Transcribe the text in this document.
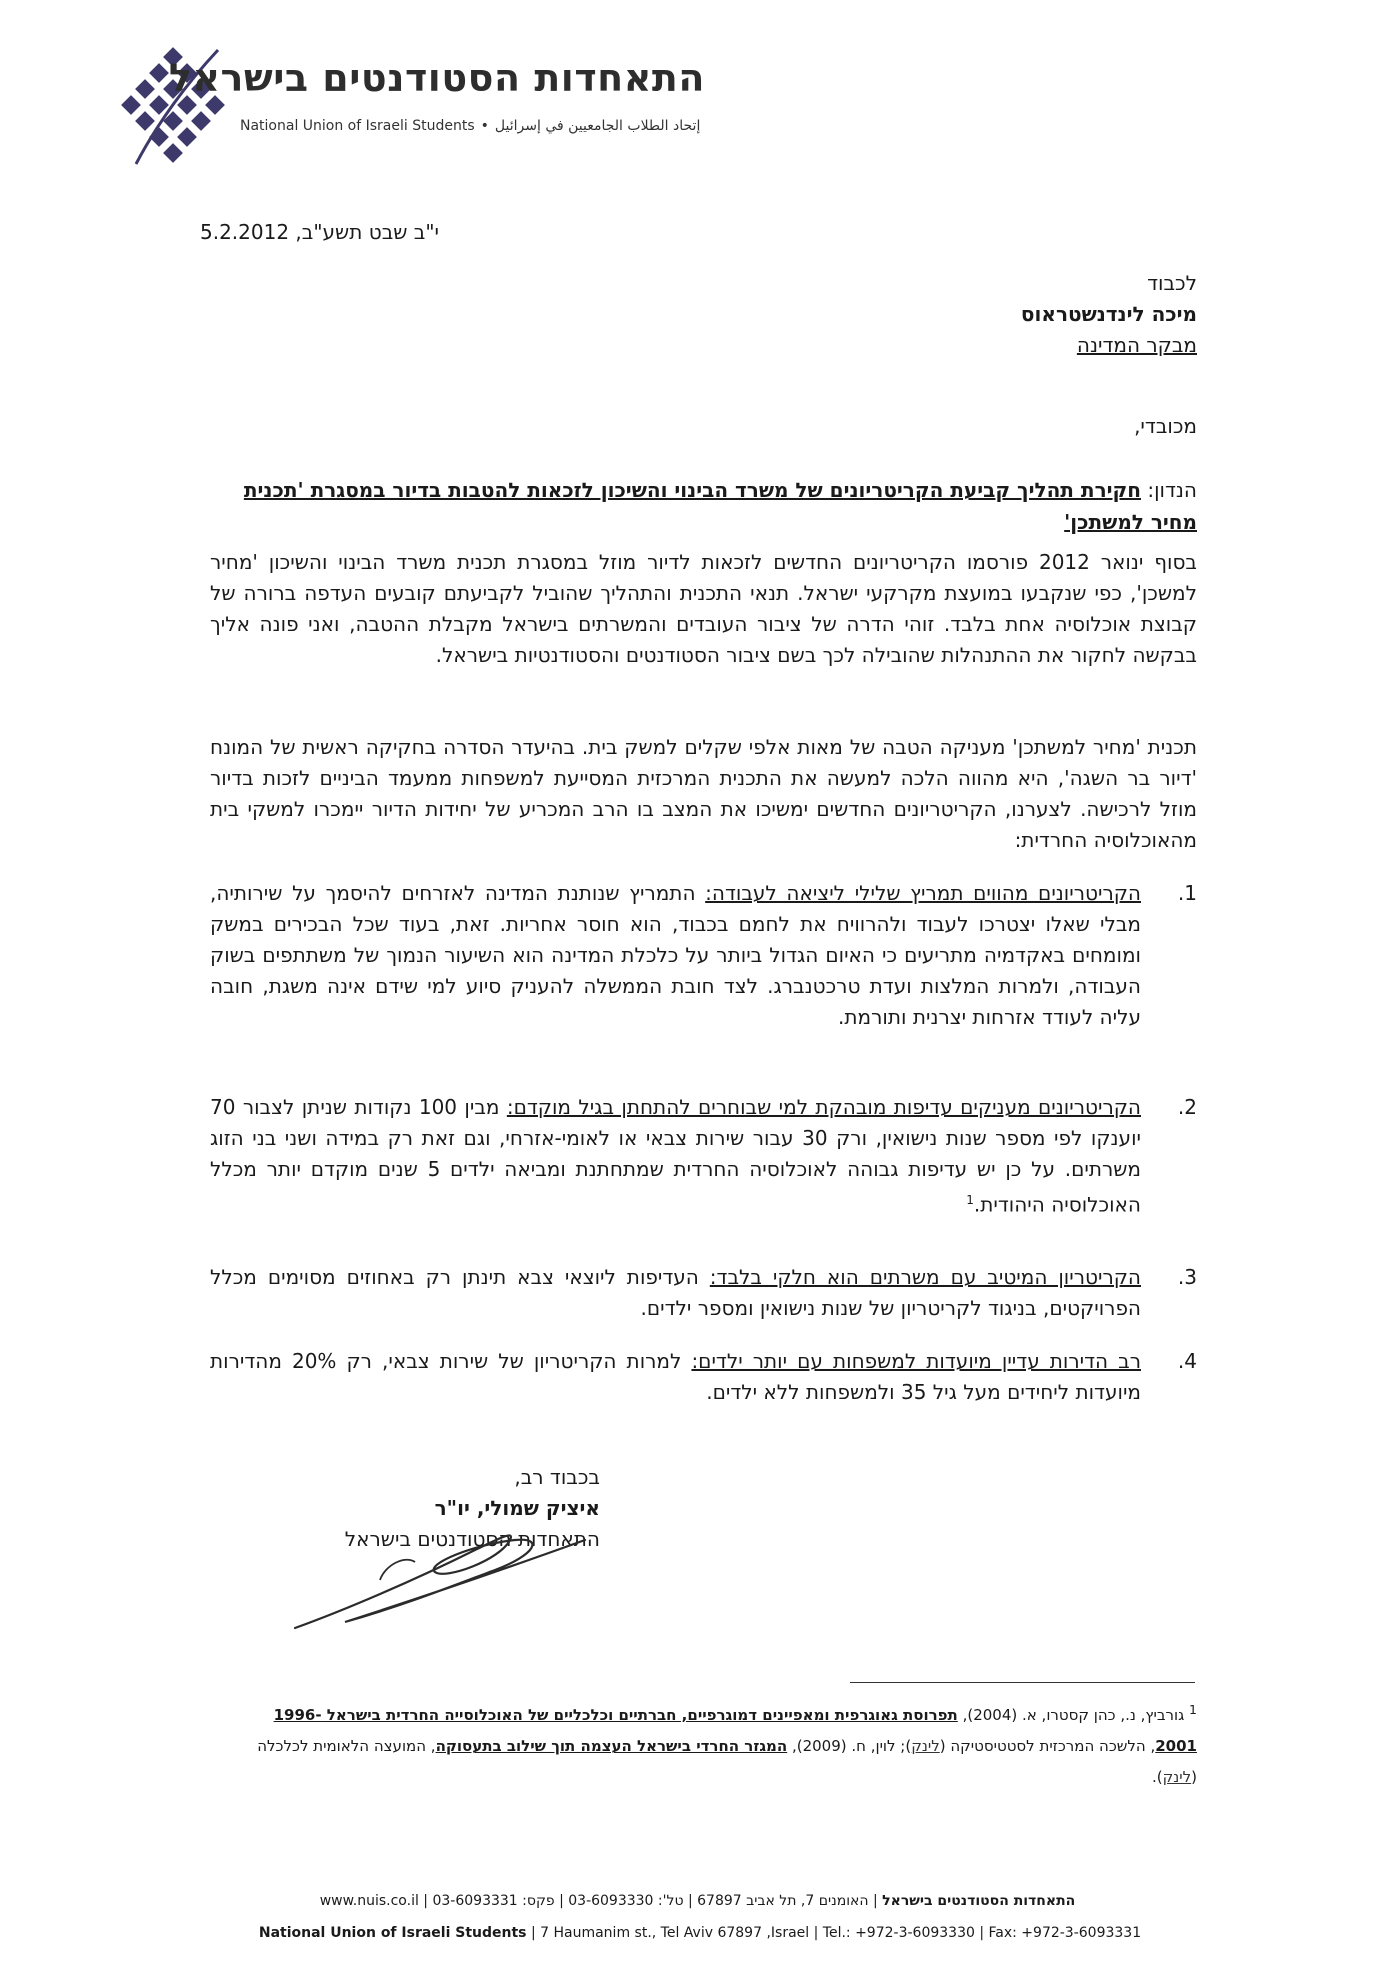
התאחדות הסטודנטים בישראל
National Union of Israeli Students • إتحاد الطلاب الجامعيين في إسرائيل
י"ב שבט תשע"ב, 5.2.2012
לכבוד
מיכה לינדנשטראוס
מבקר המדינה
מכובדי,
הנדון: חקירת תהליך קביעת הקריטריונים של משרד הבינוי והשיכון לזכאות להטבות בדיור במסגרת 'תכנית מחיר למשתכן'
בסוף ינואר 2012 פורסמו הקריטריונים החדשים לזכאות לדיור מוזל במסגרת תכנית משרד הבינוי והשיכון 'מחיר למשכן', כפי שנקבעו במועצת מקרקעי ישראל. תנאי התכנית והתהליך שהוביל לקביעתם קובעים העדפה ברורה של קבוצת אוכלוסיה אחת בלבד. זוהי הדרה של ציבור העובדים והמשרתים בישראל מקבלת ההטבה, ואני פונה אליך בבקשה לחקור את ההתנהלות שהובילה לכך בשם ציבור הסטודנטים והסטודנטיות בישראל.
תכנית 'מחיר למשתכן' מעניקה הטבה של מאות אלפי שקלים למשק בית. בהיעדר הסדרה בחקיקה ראשית של המונח 'דיור בר השגה', היא מהווה הלכה למעשה את התכנית המרכזית המסייעת למשפחות ממעמד הביניים לזכות בדיור מוזל לרכישה. לצערנו, הקריטריונים החדשים ימשיכו את המצב בו הרב המכריע של יחידות הדיור יימכרו למשקי בית מהאוכלוסיה החרדית:
1.
הקריטריונים מהווים תמריץ שלילי ליציאה לעבודה: התמריץ שנותנת המדינה לאזרחים להיסמך על שירותיה, מבלי שאלו יצטרכו לעבוד ולהרוויח את לחמם בכבוד, הוא חוסר אחריות. זאת, בעוד שכל הבכירים במשק ומומחים באקדמיה מתריעים כי האיום הגדול ביותר על כלכלת המדינה הוא השיעור הנמוך של משתתפים בשוק העבודה, ולמרות המלצות ועדת טרכטנברג. לצד חובת הממשלה להעניק סיוע למי שידם אינה משגת, חובה עליה לעודד אזרחות יצרנית ותורמת.
2.
הקריטריונים מעניקים עדיפות מובהקת למי שבוחרים להתחתן בגיל מוקדם: מבין 100 נקודות שניתן לצבור 70 יוענקו לפי מספר שנות נישואין, ורק 30 עבור שירות צבאי או לאומי-אזרחי, וגם זאת רק במידה ושני בני הזוג משרתים. על כן יש עדיפות גבוהה לאוכלוסיה החרדית שמתחתנת ומביאה ילדים 5 שנים מוקדם יותר מכלל האוכלוסיה היהודית.$^1$
3.
הקריטריון המיטיב עם משרתים הוא חלקי בלבד: העדיפות ליוצאי צבא תינתן רק באחוזים מסוימים מכלל הפרויקטים, בניגוד לקריטריון של שנות נישואין ומספר ילדים.
4.
רב הדירות עדיין מיועדות למשפחות עם יותר ילדים: למרות הקריטריון של שירות צבאי, רק 20% מהדירות מיועדות ליחידים מעל גיל 35 ולמשפחות ללא ילדים.
בכבוד רב,
איציק שמולי, יו"ר
התאחדות הסטודנטים בישראל
$^1$ גורביץ, נ., כהן קסטרו, א. (2004), תפרוסת גאוגרפית ומאפיינים דמוגרפיים, חברתיים וכלכליים של האוכלוסייה החרדית בישראל 1996-2001, הלשכה המרכזית לסטטיסטיקה (לינק); לוין, ח. (2009), המגזר החרדי בישראל העצמה תוך שילוב בתעסוקה, המועצה הלאומית לכלכלה (לינק).
התאחדות הסטודנטים בישראל | האומנים 7, תל אביב 67897 | טל': 03-6093330 | פקס: 03-6093331 | www.nuis.co.il
National Union of Israeli Students | 7 Haumanim st., Tel Aviv 67897 ,Israel | Tel.: +972-3-6093330 | Fax: +972-3-6093331
